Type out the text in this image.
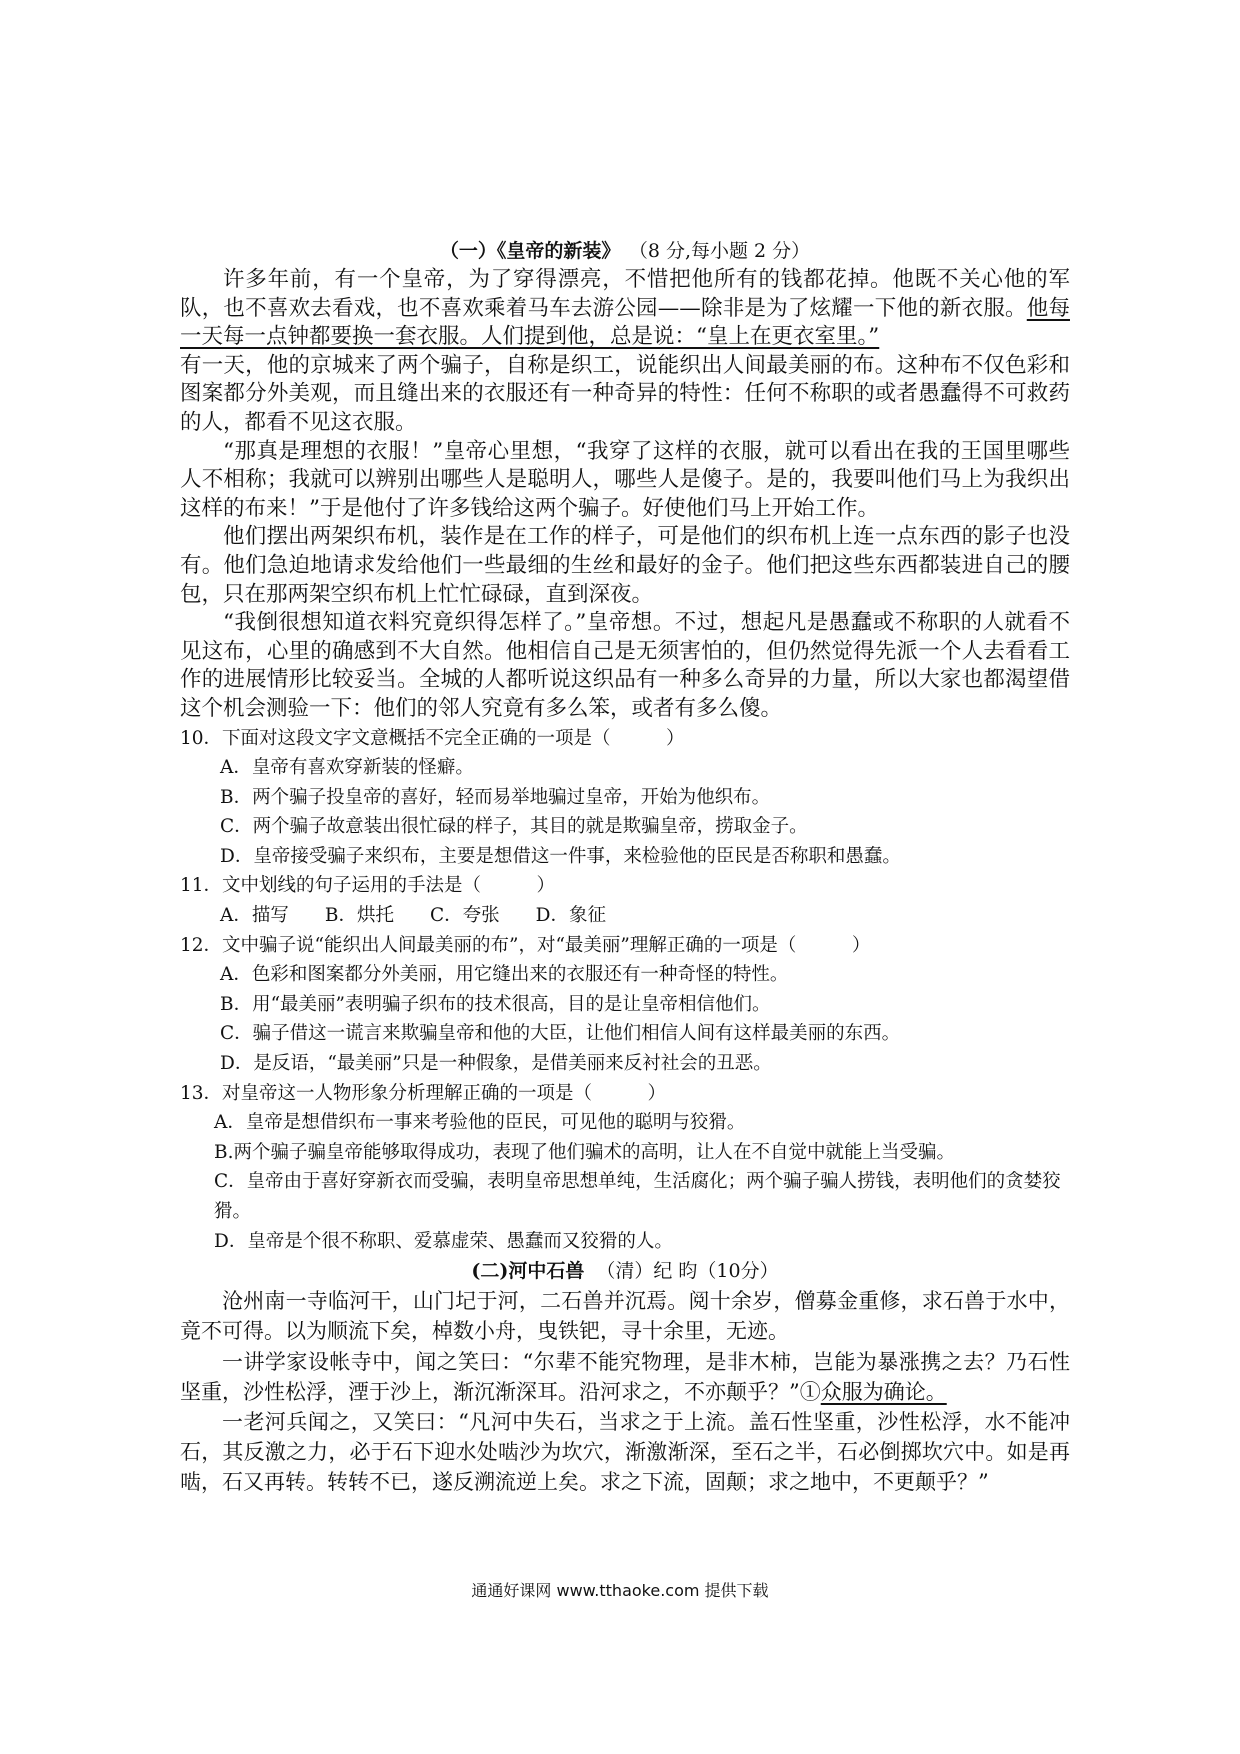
（一）《皇帝的新装》 （8 分,每小题 2 分）

许多年前，有一个皇帝，为了穿得漂亮，不惜把他所有的钱都花掉。他既不关心他的军队，也不喜欢去看戏，也不喜欢乘着马车去游公园——除非是为了炫耀一下他的新衣服。他每一天每一点钟都要换一套衣服。人们提到他，总是说：“皇上在更衣室里。”

有一天，他的京城来了两个骗子，自称是织工，说能织出人间最美丽的布。这种布不仅色彩和图案都分外美观，而且缝出来的衣服还有一种奇异的特性：任何不称职的或者愚蠢得不可救药的人，都看不见这衣服。

“那真是理想的衣服！”皇帝心里想，“我穿了这样的衣服，就可以看出在我的王国里哪些人不相称；我就可以辨别出哪些人是聪明人，哪些人是傻子。是的，我要叫他们马上为我织出这样的布来！”于是他付了许多钱给这两个骗子。好使他们马上开始工作。

他们摆出两架织布机，装作是在工作的样子，可是他们的织布机上连一点东西的影子也没有。他们急迫地请求发给他们一些最细的生丝和最好的金子。他们把这些东西都装进自己的腰包，只在那两架空织布机上忙忙碌碌，直到深夜。

“我倒很想知道衣料究竟织得怎样了。”皇帝想。不过，想起凡是愚蠢或不称职的人就看不见这布，心里的确感到不大自然。他相信自己是无须害怕的，但仍然觉得先派一个人去看看工作的进展情形比较妥当。全城的人都听说这织品有一种多么奇异的力量，所以大家也都渴望借这个机会测验一下：他们的邻人究竟有多么笨，或者有多么傻。

10．下面对这段文字文意概括不完全正确的一项是（　　　）

A．皇帝有喜欢穿新装的怪癖。

B．两个骗子投皇帝的喜好，轻而易举地骗过皇帝，开始为他织布。

C．两个骗子故意装出很忙碌的样子，其目的就是欺骗皇帝，捞取金子。

D．皇帝接受骗子来织布，主要是想借这一件事，来检验他的臣民是否称职和愚蠢。

11．文中划线的句子运用的手法是（　　　）

A．描写 B．烘托 C．夸张 D．象征

12．文中骗子说“能织出人间最美丽的布”，对“最美丽”理解正确的一项是（　　　）

A．色彩和图案都分外美丽，用它缝出来的衣服还有一种奇怪的特性。

B．用“最美丽”表明骗子织布的技术很高，目的是让皇帝相信他们。

C．骗子借这一谎言来欺骗皇帝和他的大臣，让他们相信人间有这样最美丽的东西。

D．是反语，“最美丽”只是一种假象，是借美丽来反衬社会的丑恶。

13．对皇帝这一人物形象分析理解正确的一项是（　　　）

A．皇帝是想借织布一事来考验他的臣民，可见他的聪明与狡猾。

B.两个骗子骗皇帝能够取得成功，表现了他们骗术的高明，让人在不自觉中就能上当受骗。

C．皇帝由于喜好穿新衣而受骗，表明皇帝思想单纯，生活腐化；两个骗子骗人捞钱，表明他们的贪婪狡猾。

D．皇帝是个很不称职、爱慕虚荣、愚蠢而又狡猾的人。

(二)河中石兽 （清）纪 昀（10分）

沧州南一寺临河干，山门圮于河，二石兽并沉焉。阅十余岁，僧募金重修，求石兽于水中， 竟不可得。以为顺流下矣，棹数小舟，曳铁钯，寻十余里，无迹。

一讲学家设帐寺中，闻之笑曰：“尔辈不能究物理，是非木柿，岂能为暴涨携之去？乃石性坚重，沙性松浮，湮于沙上，渐沉渐深耳。沿河求之，不亦颠乎？”①众服为确论。

一老河兵闻之，又笑曰：“凡河中失石，当求之于上流。盖石性坚重，沙性松浮，水不能冲石，其反激之力，必于石下迎水处啮沙为坎穴，渐激渐深，至石之半，石必倒掷坎穴中。如是再啮，石又再转。转转不已，遂反溯流逆上矣。求之下流，固颠；求之地中，不更颠乎？”

通通好课网 www.tthaoke.com 提供下载
